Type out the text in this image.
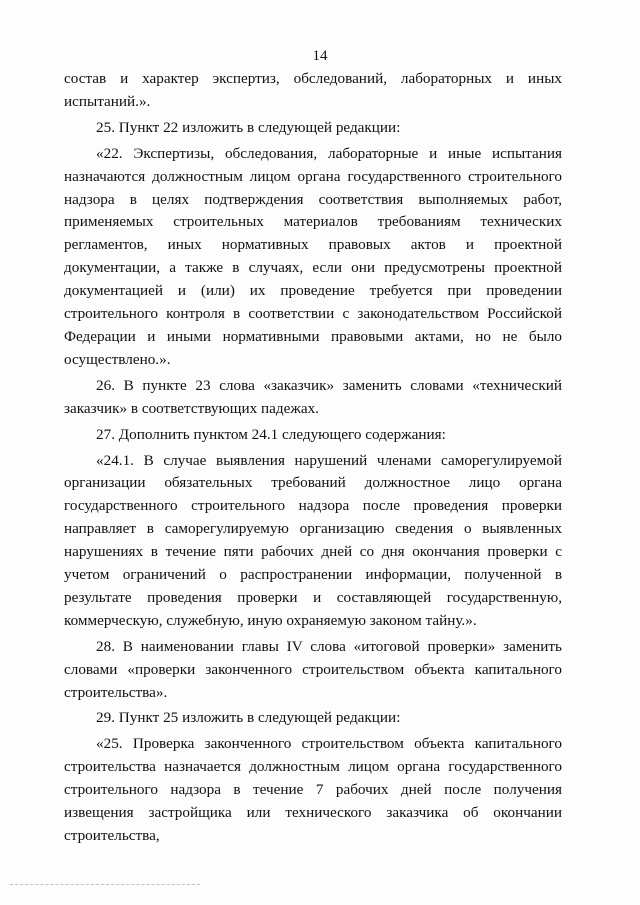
14

состав и характер экспертиз, обследований, лабораторных и иных испытаний.».

25. Пункт 22 изложить в следующей редакции:

«22. Экспертизы, обследования, лабораторные и иные испытания назначаются должностным лицом органа государственного строительного надзора в целях подтверждения соответствия выполняемых работ, применяемых строительных материалов требованиям технических регламентов, иных нормативных правовых актов и проектной документации, а также в случаях, если они предусмотрены проектной документацией и (или) их проведение требуется при проведении строительного контроля в соответствии с законодательством Российской Федерации и иными нормативными правовыми актами, но не было осуществлено.».

26. В пункте 23 слова «заказчик» заменить словами «технический заказчик» в соответствующих падежах.

27. Дополнить пунктом 24.1 следующего содержания:

«24.1. В случае выявления нарушений членами саморегулируемой организации обязательных требований должностное лицо органа государственного строительного надзора после проведения проверки направляет в саморегулируемую организацию сведения о выявленных нарушениях в течение пяти рабочих дней со дня окончания проверки с учетом ограничений о распространении информации, полученной в результате проведения проверки и составляющей государственную, коммерческую, служебную, иную охраняемую законом тайну.».

28. В наименовании главы IV слова «итоговой проверки» заменить словами «проверки законченного строительством объекта капитального строительства».

29. Пункт 25 изложить в следующей редакции:

«25. Проверка законченного строительством объекта капитального строительства назначается должностным лицом органа государственного строительного надзора в течение 7 рабочих дней после получения извещения застройщика или технического заказчика об окончании строительства,
